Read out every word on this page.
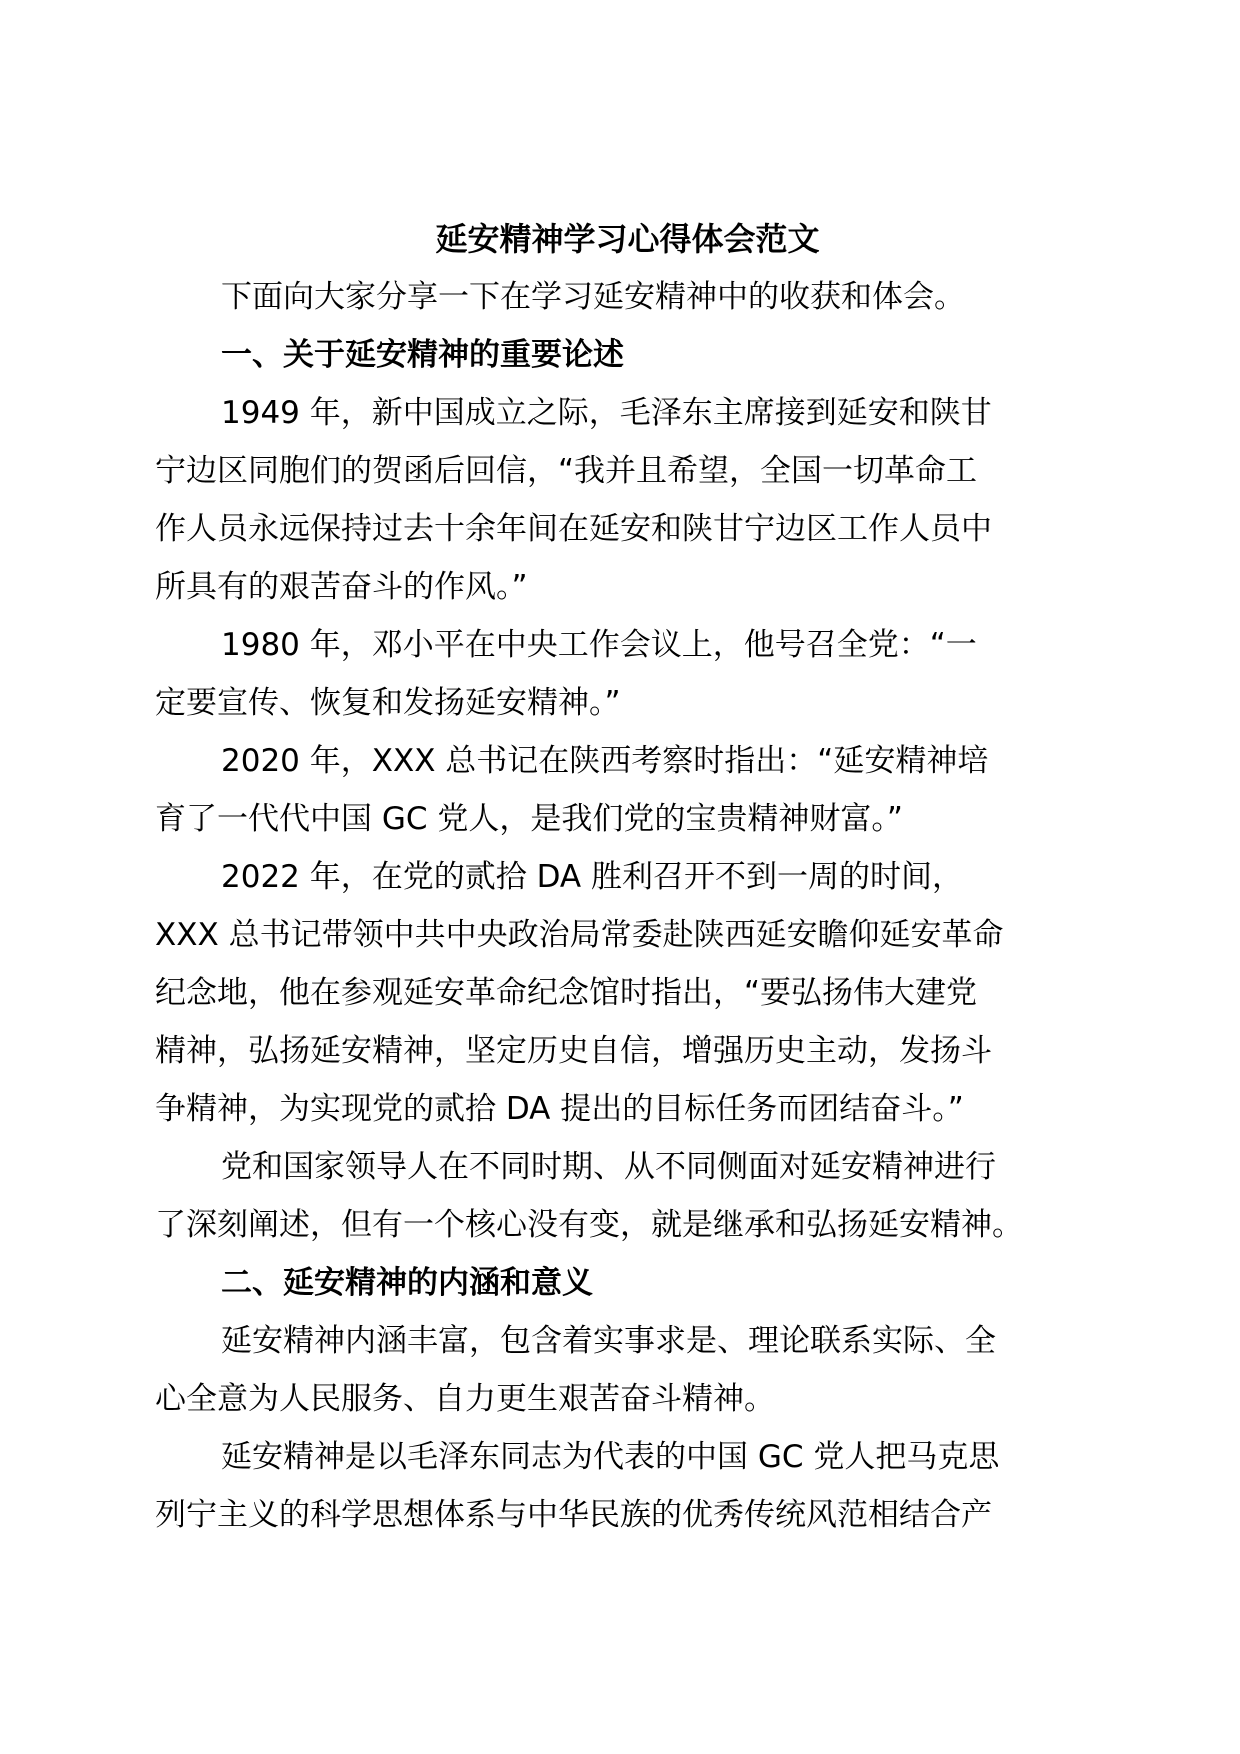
延安精神学习心得体会范文

下面向大家分享一下在学习延安精神中的收获和体会。

一、关于延安精神的重要论述

1949 年，新中国成立之际，毛泽东主席接到延安和陕甘

宁边区同胞们的贺函后回信，“我并且希望，全国一切革命工

作人员永远保持过去十余年间在延安和陕甘宁边区工作人员中

所具有的艰苦奋斗的作风。”

1980 年，邓小平在中央工作会议上，他号召全党：“一

定要宣传、恢复和发扬延安精神。”

2020 年，XXX 总书记在陕西考察时指出：“延安精神培

育了一代代中国 GC 党人，是我们党的宝贵精神财富。”

2022 年，在党的贰拾 DA 胜利召开不到一周的时间，

XXX 总书记带领中共中央政治局常委赴陕西延安瞻仰延安革命

纪念地，他在参观延安革命纪念馆时指出，“要弘扬伟大建党

精神，弘扬延安精神，坚定历史自信，增强历史主动，发扬斗

争精神，为实现党的贰拾 DA 提出的目标任务而团结奋斗。”

党和国家领导人在不同时期、从不同侧面对延安精神进行

了深刻阐述，但有一个核心没有变，就是继承和弘扬延安精神。

二、延安精神的内涵和意义

延安精神内涵丰富，包含着实事求是、理论联系实际、全

心全意为人民服务、自力更生艰苦奋斗精神。

延安精神是以毛泽东同志为代表的中国 GC 党人把马克思

列宁主义的科学思想体系与中华民族的优秀传统风范相结合产
